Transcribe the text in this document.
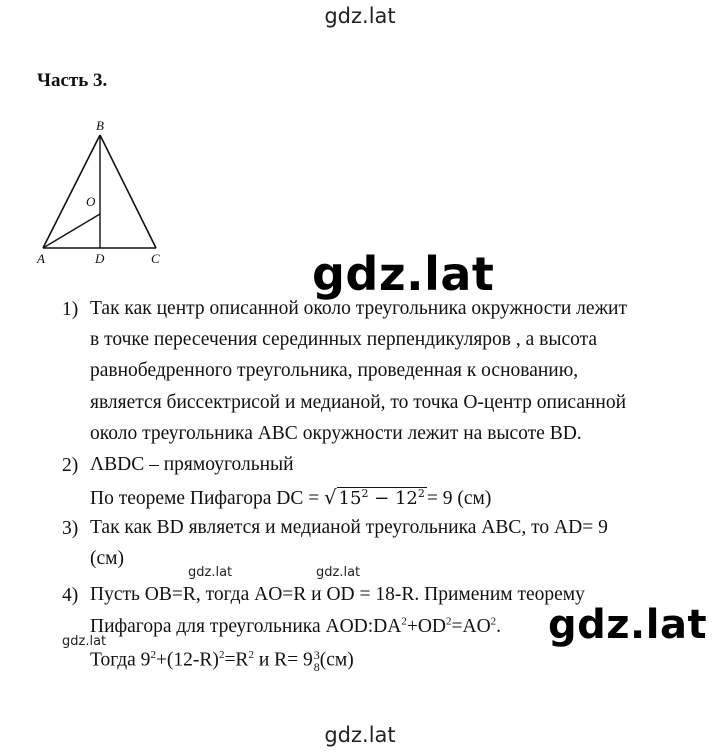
gdz.lat
gdz.lat
gdz.lat
gdz.lat	gdz.lat
gdz.lat
gdz.lat
Часть 3.
B
O
A	D	C
1) Так как центр описанной около треугольника окружности лежит
в точке пересечения серединных перпендикуляров , а высота
равнобедренного треугольника, проведенная к основанию,
является биссектрисой и медианой, то точка О-центр описанной
около треугольника АВС окружности лежит на высоте ВD.
2) ΛBDC – прямоугольный
По теореме Пифагора DC = √ $15^2 - 12^2 = 9$ (см)
3) Так как BD является и медианой треугольника АВС, то AD= 9
(см)
4) Пусть OB=R, тогда AO=R и OD = 18-R. Применим теорему
Пифагора для треугольника $AOD:DA^2+OD^2=AO^2$.
Тогда $9^2+(12-R)^2=R^2$ и R= 9 3
8 (см)
